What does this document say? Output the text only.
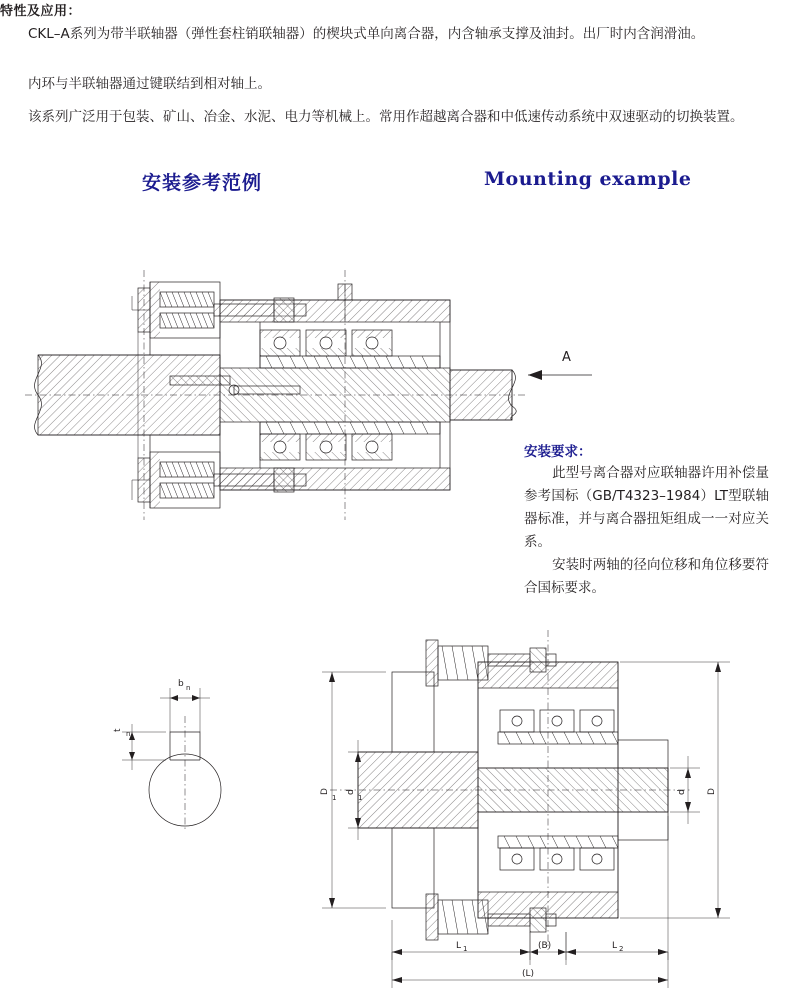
特性及应用：
CKL–A系列为带半联轴器（弹性套柱销联轴器）的楔块式单向离合器，内含轴承支撑及油封。出厂时内含润滑油。
内环与半联轴器通过键联结到相对轴上。
该系列广泛用于包装、矿山、冶金、水泥、电力等机械上。常用作超越离合器和中低速传动系统中双速驱动的切换装置。
安装参考范例	Mounting example
安装要求：

此型号离合器对应联轴器许用补偿量参考国标（GB/T4323–1984）LT型联轴器标准，并与离合器扭矩组成一一对应关系。

安装时两轴的径向位移和角位移要符合国标要求。

A
b n
t n
D
1
d
1
d D
L 1	(B)	L 2
(L)
